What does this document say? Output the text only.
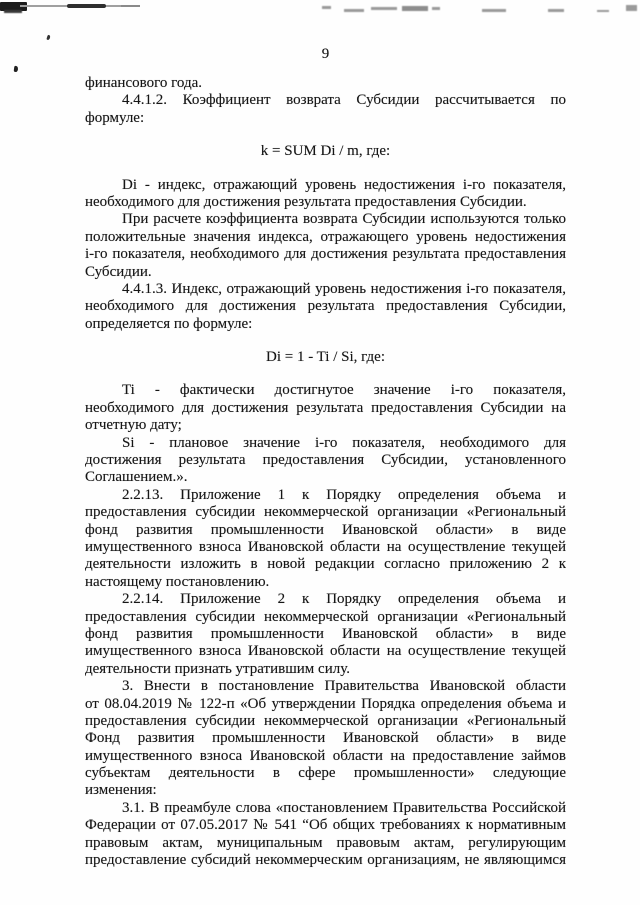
9
финансового года.
4.4.1.2. Коэффициент возврата Субсидии рассчитывается по
формуле:
k = SUM Di / m, где:
Di - индекс, отражающий уровень недостижения i-го показателя,
необходимого для достижения результата предоставления Субсидии.
При расчете коэффициента возврата Субсидии используются только
положительные значения индекса, отражающего уровень недостижения
i-го показателя, необходимого для достижения результата предоставления
Субсидии.
4.4.1.3. Индекс, отражающий уровень недостижения i-го показателя,
необходимого для достижения результата предоставления Субсидии,
определяется по формуле:
Di = 1 - Ti / Si, где:
Ti - фактически достигнутое значение i-го показателя,
необходимого для достижения результата предоставления Субсидии на
отчетную дату;
Si - плановое значение i-го показателя, необходимого для
достижения результата предоставления Субсидии, установленного
Соглашением.».
2.2.13. Приложение 1 к Порядку определения объема и
предоставления субсидии некоммерческой организации «Региональный
фонд развития промышленности Ивановской области» в виде
имущественного взноса Ивановской области на осуществление текущей
деятельности изложить в новой редакции согласно приложению 2 к
настоящему постановлению.
2.2.14. Приложение 2 к Порядку определения объема и
предоставления субсидии некоммерческой организации «Региональный
фонд развития промышленности Ивановской области» в виде
имущественного взноса Ивановской области на осуществление текущей
деятельности признать утратившим силу.
3. Внести в постановление Правительства Ивановской области
от 08.04.2019 № 122-п «Об утверждении Порядка определения объема и
предоставления субсидии некоммерческой организации «Региональный
Фонд развития промышленности Ивановской области» в виде
имущественного взноса Ивановской области на предоставление займов
субъектам деятельности в сфере промышленности» следующие
изменения:
3.1. В преамбуле слова «постановлением Правительства Российской
Федерации от 07.05.2017 № 541 “Об общих требованиях к нормативным
правовым актам, муниципальным правовым актам, регулирующим
предоставление субсидий некоммерческим организациям, не являющимся
